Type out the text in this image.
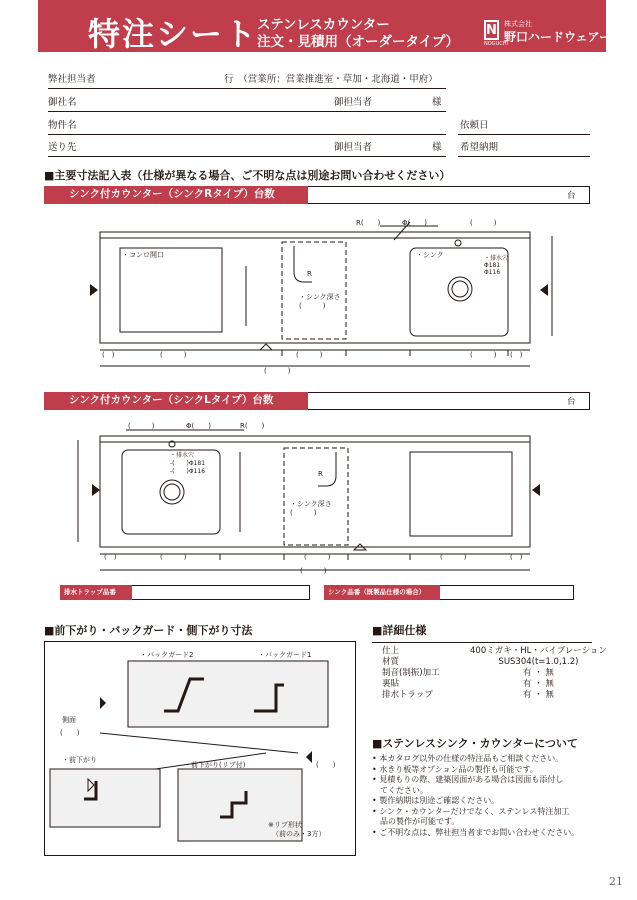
特注シート
ステンレスカウンター
注文・見積用（オーダータイプ）
N 株式会社
野口ハードウェアー
NOGUCHI
弊社担当者	行　（営業所：営業推進室・草加・北海道・甲府）
御社名	御担当者	様
物件名	依頼日
送り先	御担当者	様 希望納期
■主要寸法記入表（仕様が異なる場合、ご不明な点は別途お問い合わせください）
シンク付カウンター（シンクRタイプ）台数	台
・コンロ開口	・シンク
・シンク深さ
(　　　)
R
R(　　)	Φ(　　)	(　　　)
・排水穴
Φ181
Φ116
(　)	(　　　)	(　　　)	(　　　) (　)
(　　　)
シンク付カウンター（シンクLタイプ）台数	台
Φ(　　)	R(　　)
(　　　)
・排水穴
-(　　)Φ181
-(　　)Φ116	R
・シンク深さ
(　　　)
(　)	(　　　)	(　　　)	(　　　)	(　)
(　　　)
排水トラップ品番	シンク品番（既製品仕様の場合）
■前下がり・バックガード・側下がり寸法
・バックガード2	・バックガード1
側面
(　　)
・前下がり
・前下がり(リブ付)	(　　)
※リブ形状
（前のみ・3方）
■詳細仕様
仕上	400ミガキ・HL・バイブレーション
材質	SUS304(t=1.0,1.2)
制音(制振)加工	有 ・ 無
裏貼	有 ・ 無
排水トラップ	有 ・ 無
■ステンレスシンク・カウンターについて
• 本カタログ以外の仕様の特注品もご相談ください。
• 水きり板等オプション品の製作も可能です。
• 見積もりの際、建築図面がある場合は図面も添付し
　てください。
• 製作納期は別途ご確認ください。
• シンク・カウンターだけでなく、ステンレス特注加工
　品の製作が可能です。
• ご不明な点は、弊社担当者までお問い合わせください。
21
